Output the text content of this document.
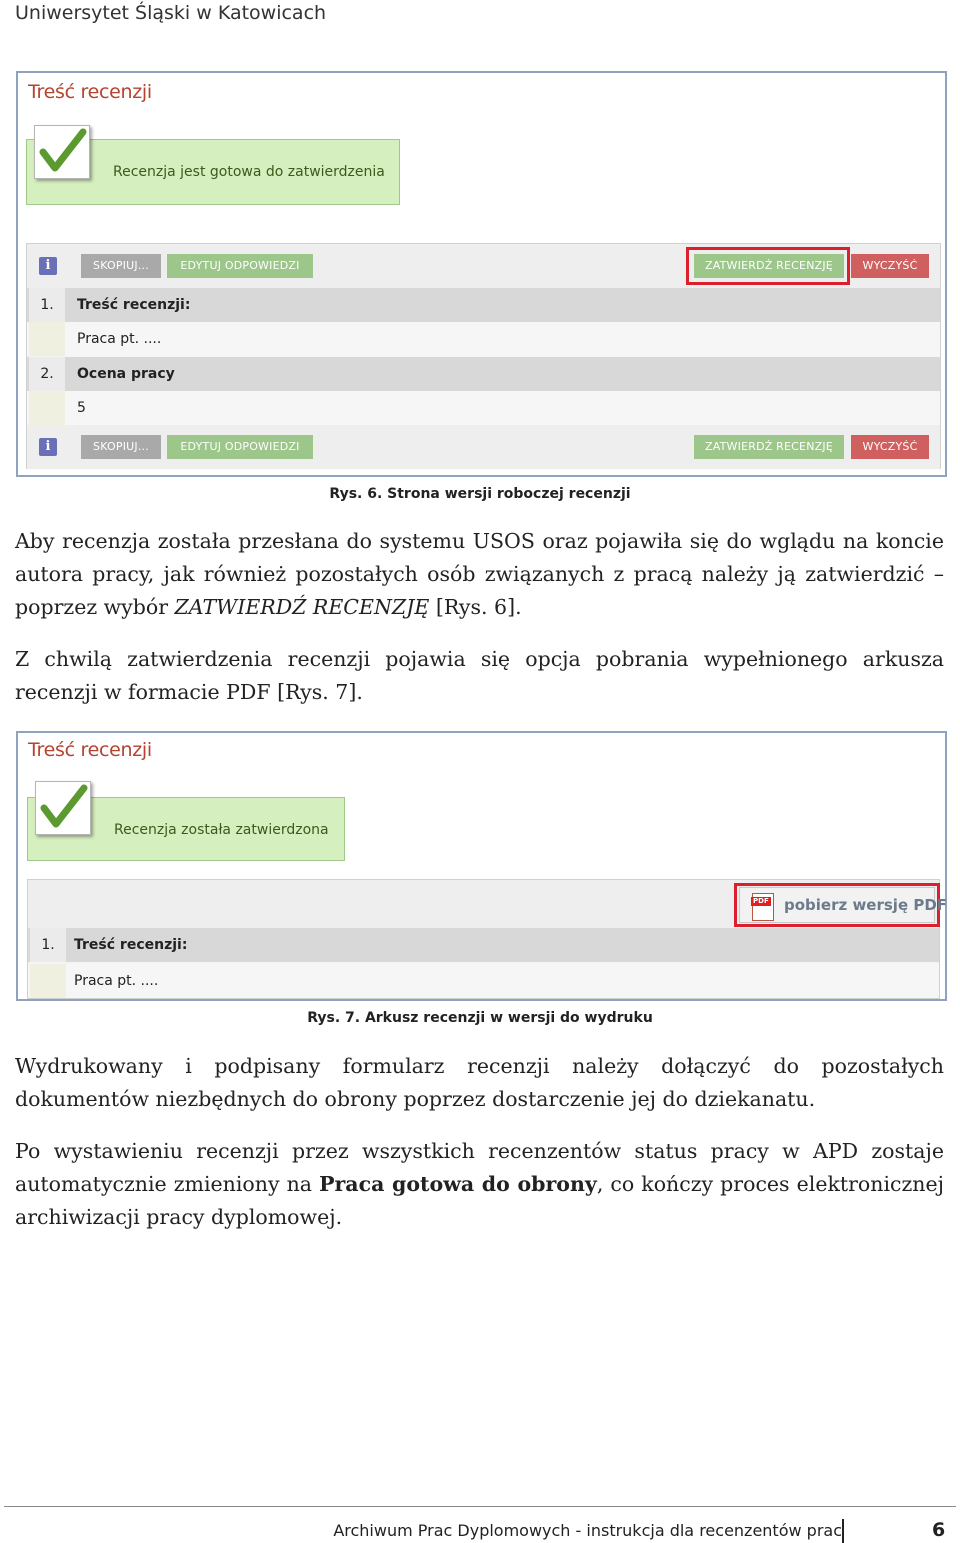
Uniwersytet Śląski w Katowicach
Treść recenzji
Recenzja jest gotowa do zatwierdzenia
i	SKOPIUJ...	EDYTUJ ODPOWIEDZI	ZATWIERDŹ RECENZJĘ	WYCZYŚĆ
1.	Treść recenzji:
Praca pt. ....
2.	Ocena pracy
5
i	SKOPIUJ...	EDYTUJ ODPOWIEDZI	ZATWIERDŹ RECENZJĘ	WYCZYŚĆ
Rys. 6. Strona wersji roboczej recenzji
Aby recenzja została przesłana do systemu USOS oraz pojawiła się do wglądu na koncie autora pracy, jak również pozostałych osób związanych z pracą należy ją zatwierdzić – poprzez wybór ZATWIERDŹ RECENZJĘ [Rys. 6].
Z chwilą zatwierdzenia recenzji pojawia się opcja pobrania wypełnionego arkusza recenzji w formacie PDF [Rys. 7].
Treść recenzji
Recenzja została zatwierdzona
PDF pobierz wersję PDF
1.	Treść recenzji:
Praca pt. ....
Rys. 7. Arkusz recenzji w wersji do wydruku
Wydrukowany i podpisany formularz recenzji należy dołączyć do pozostałych dokumentów niezbędnych do obrony poprzez dostarczenie jej do dziekanatu.
Po wystawieniu recenzji przez wszystkich recenzentów status pracy w APD zostaje automatycznie zmieniony na Praca gotowa do obrony, co kończy proces elektronicznej archiwizacji pracy dyplomowej.
Archiwum Prac Dyplomowych - instrukcja dla recenzentów prac	6
